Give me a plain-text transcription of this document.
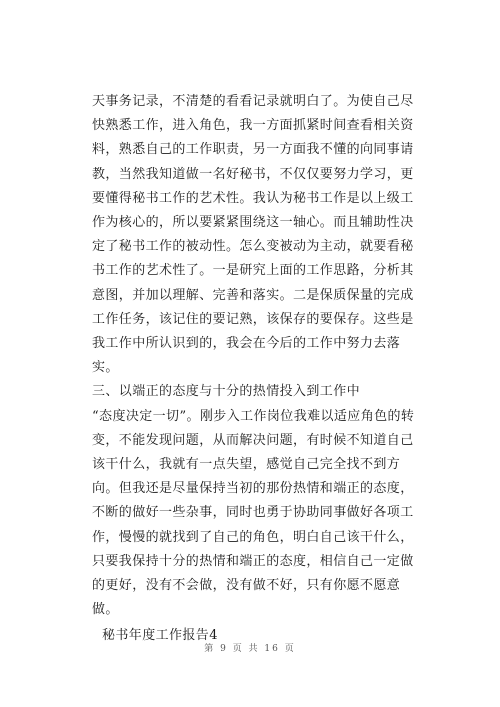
天事务记录，不清楚的看看记录就明白了。为使自己尽快熟悉工作，进入角色，我一方面抓紧时间查看相关资料，熟悉自己的工作职责，另一方面我不懂的向同事请教，当然我知道做一名好秘书，不仅仅要努力学习，更要懂得秘书工作的艺术性。我认为秘书工作是以上级工作为核心的，所以要紧紧围绕这一轴心。而且辅助性决定了秘书工作的被动性。怎么变被动为主动，就要看秘书工作的艺术性了。一是研究上面的工作思路，分析其意图，并加以理解、完善和落实。二是保质保量的完成工作任务，该记住的要记熟，该保存的要保存。这些是我工作中所认识到的，我会在今后的工作中努力去落实。

三、以端正的态度与十分的热情投入到工作中

“态度决定一切”。刚步入工作岗位我难以适应角色的转变，不能发现问题，从而解决问题，有时候不知道自己该干什么，我就有一点失望，感觉自己完全找不到方向。但我还是尽量保持当初的那份热情和端正的态度，不断的做好一些杂事，同时也勇于协助同事做好各项工作，慢慢的就找到了自己的角色，明白自己该干什么，只要我保持十分的热情和端正的态度，相信自己一定做的更好，没有不会做，没有做不好，只有你愿不愿意做。

秘书年度工作报告4

第 9 页 共 16 页
